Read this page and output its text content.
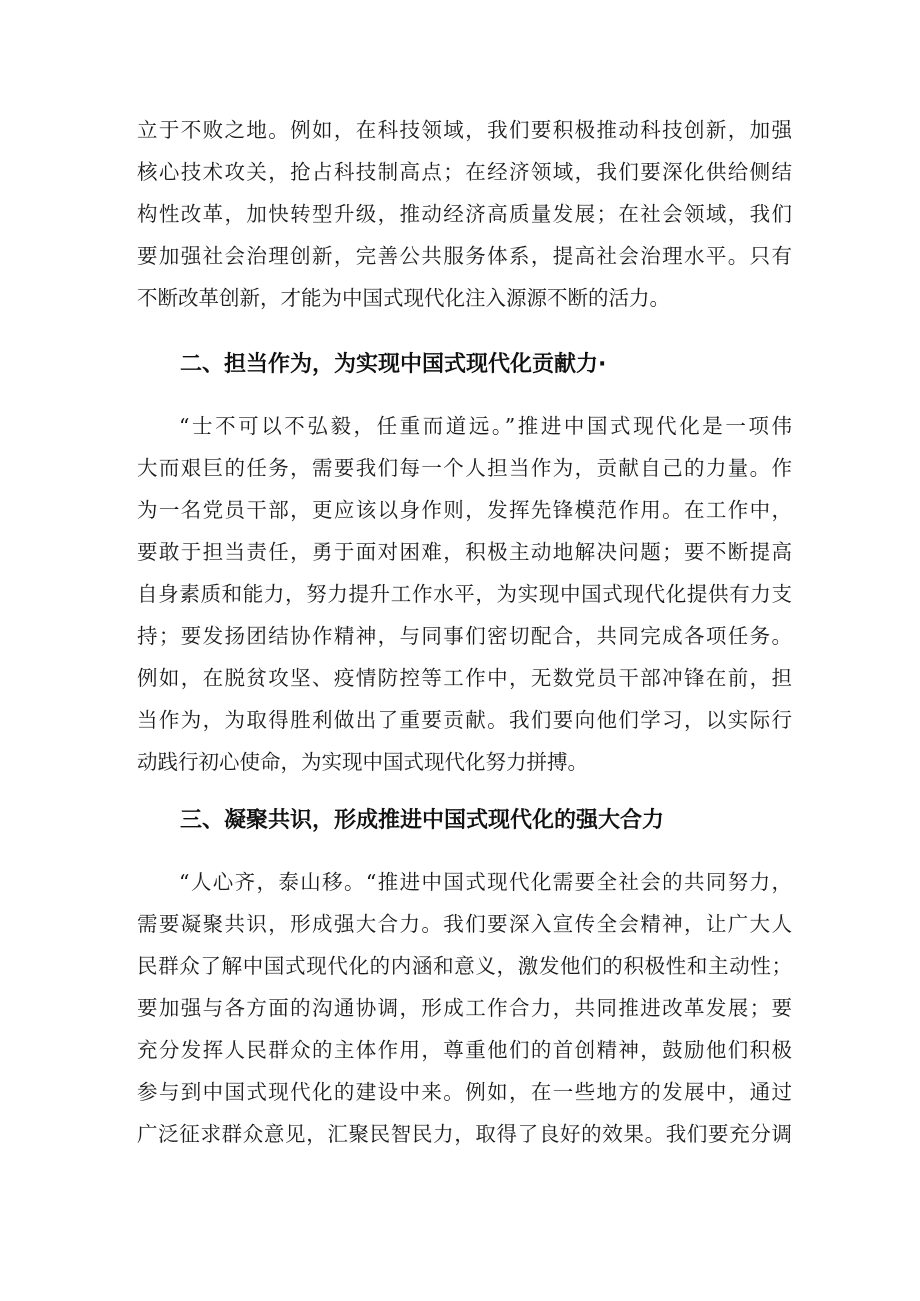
立于不败之地。例如，在科技领域，我们要积极推动科技创新，加强
核心技术攻关，抢占科技制高点；在经济领域，我们要深化供给侧结
构性改革，加快转型升级，推动经济高质量发展；在社会领域，我们
要加强社会治理创新，完善公共服务体系，提高社会治理水平。只有
不断改革创新，才能为中国式现代化注入源源不断的活力。

二、担当作为，为实现中国式现代化贡献力·

“士不可以不弘毅，任重而道远。”推进中国式现代化是一项伟
大而艰巨的任务，需要我们每一个人担当作为，贡献自己的力量。作
为一名党员干部，更应该以身作则，发挥先锋模范作用。在工作中，
要敢于担当责任，勇于面对困难，积极主动地解决问题；要不断提高
自身素质和能力，努力提升工作水平，为实现中国式现代化提供有力支
持；要发扬团结协作精神，与同事们密切配合，共同完成各项任务。
例如，在脱贫攻坚、疫情防控等工作中，无数党员干部冲锋在前，担
当作为，为取得胜利做出了重要贡献。我们要向他们学习，以实际行
动践行初心使命，为实现中国式现代化努力拼搏。

三、凝聚共识，形成推进中国式现代化的强大合力

“人心齐，泰山移。“推进中国式现代化需要全社会的共同努力，
需要凝聚共识，形成强大合力。我们要深入宣传全会精神，让广大人
民群众了解中国式现代化的内涵和意义，激发他们的积极性和主动性；
要加强与各方面的沟通协调，形成工作合力，共同推进改革发展；要
充分发挥人民群众的主体作用，尊重他们的首创精神，鼓励他们积极
参与到中国式现代化的建设中来。例如，在一些地方的发展中，通过
广泛征求群众意见，汇聚民智民力，取得了良好的效果。我们要充分调
